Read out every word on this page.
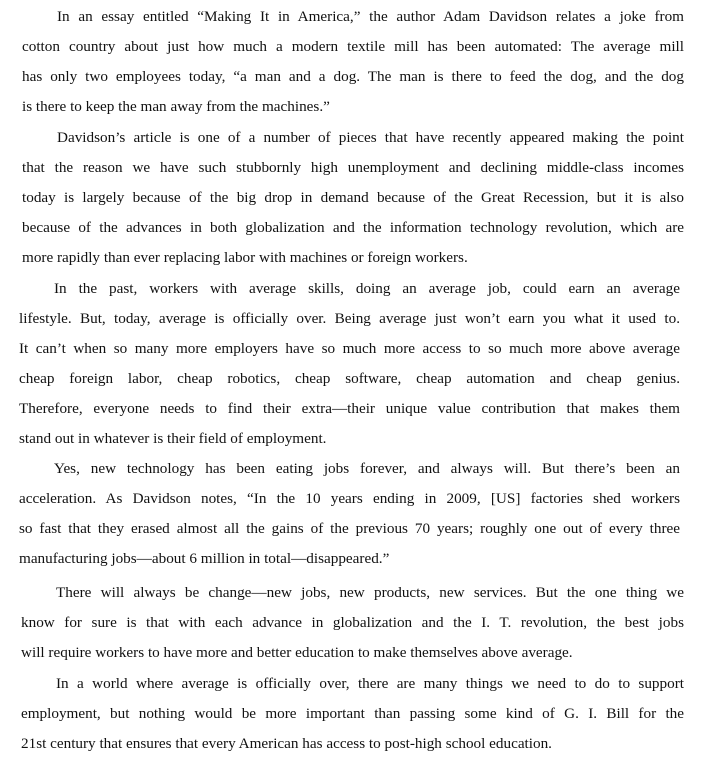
In an essay entitled “Making It in America,” the author Adam Davidson relates a joke from
cotton country about just how much a modern textile mill has been automated: The average mill
has only two employees today, “a man and a dog. The man is there to feed the dog, and the dog
is there to keep the man away from the machines.”
Davidson’s article is one of a number of pieces that have recently appeared making the point
that the reason we have such stubbornly high unemployment and declining middle-class incomes
today is largely because of the big drop in demand because of the Great Recession, but it is also
because of the advances in both globalization and the information technology revolution, which are
more rapidly than ever replacing labor with machines or foreign workers.
In the past, workers with average skills, doing an average job, could earn an average
lifestyle. But, today, average is officially over. Being average just won’t earn you what it used to.
It can’t when so many more employers have so much more access to so much more above average
cheap foreign labor, cheap robotics, cheap software, cheap automation and cheap genius.
Therefore, everyone needs to find their extra—their unique value contribution that makes them
stand out in whatever is their field of employment.
Yes, new technology has been eating jobs forever, and always will. But there’s been an
acceleration. As Davidson notes, “In the 10 years ending in 2009, [US] factories shed workers
so fast that they erased almost all the gains of the previous 70 years; roughly one out of every three
manufacturing jobs—about 6 million in total—disappeared.”
There will always be change—new jobs, new products, new services. But the one thing we
know for sure is that with each advance in globalization and the I. T. revolution, the best jobs
will require workers to have more and better education to make themselves above average.
In a world where average is officially over, there are many things we need to do to support
employment, but nothing would be more important than passing some kind of G. I. Bill for the
21st century that ensures that every American has access to post-high school education.
